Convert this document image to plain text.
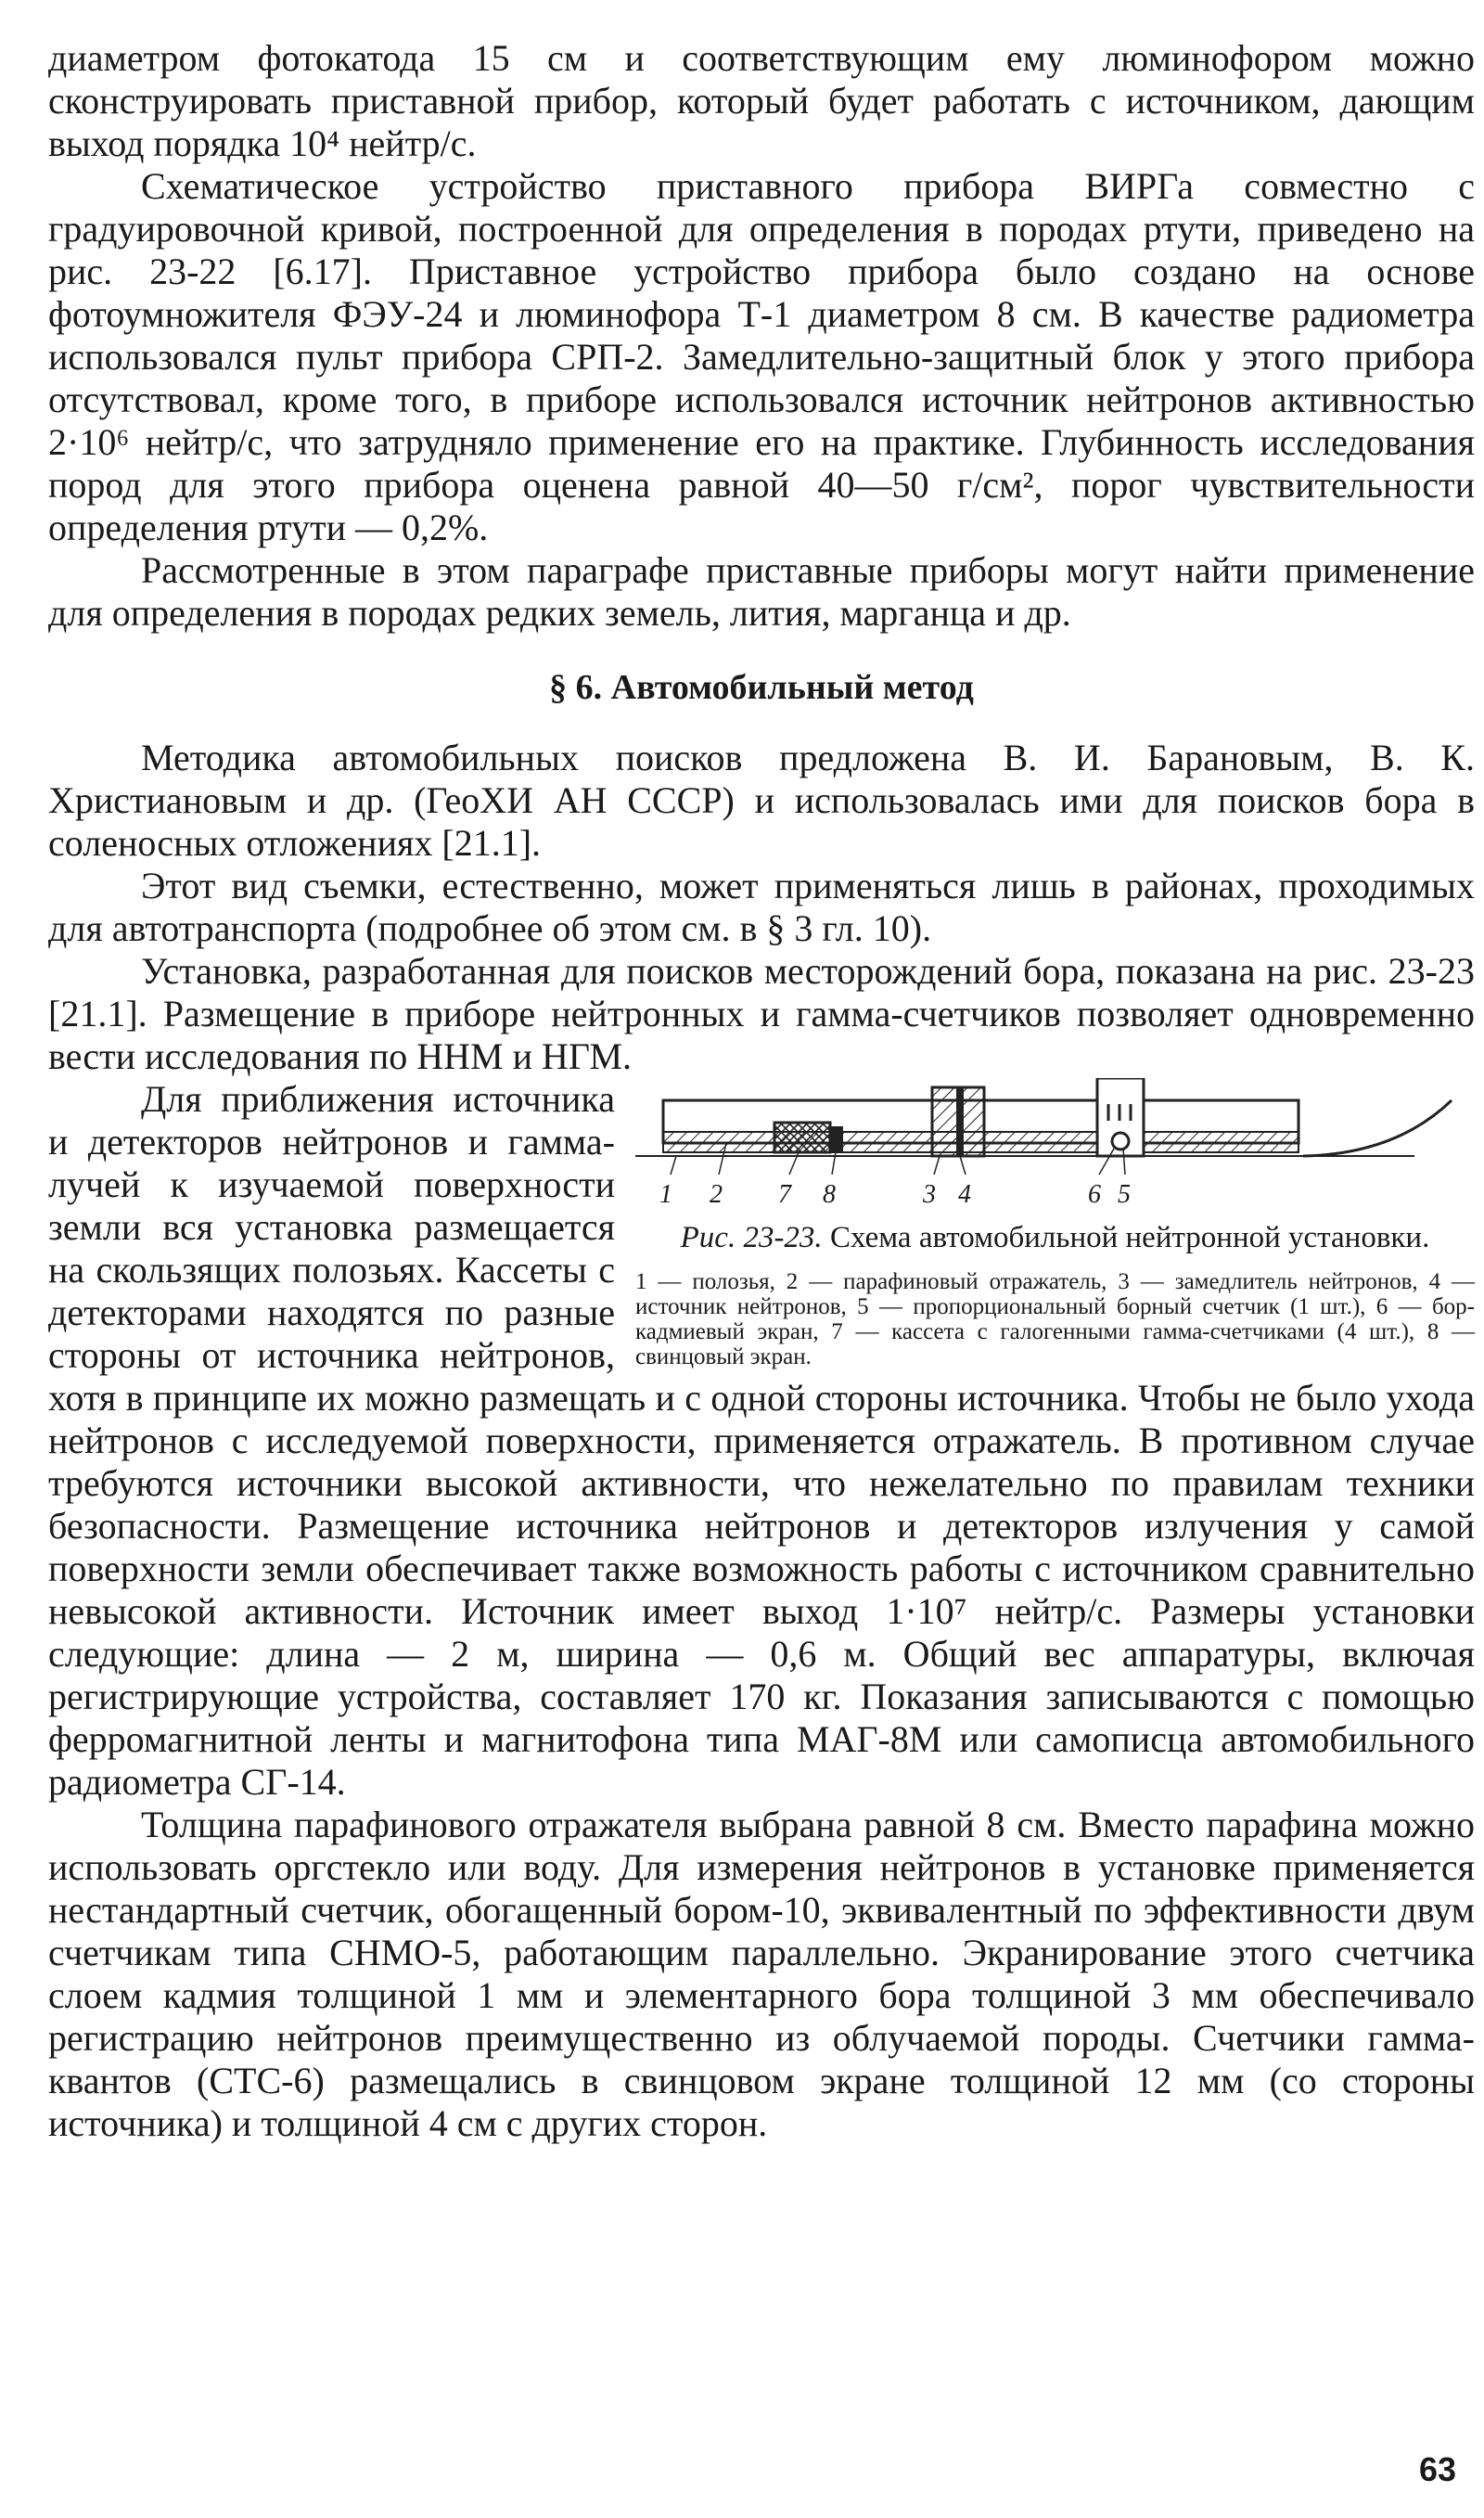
диаметром фотокатода 15 см и соответствующим ему люминофором можно сконструировать приставной прибор, который будет работать с источником, дающим выход порядка 10⁴ нейтр/с.

Схематическое устройство приставного прибора ВИРГа совместно с градуировочной кривой, построенной для определения в породах ртути, приведено на рис. 23-22 [6.17]. Приставное устройство прибора было создано на основе фотоумножителя ФЭУ-24 и люминофора Т-1 диаметром 8 см. В качестве радиометра использовался пульт прибора СРП-2. Замедлительно-защитный блок у этого прибора отсутствовал, кроме того, в приборе использовался источник нейтронов активностью 2·10⁶ нейтр/с, что затрудняло применение его на практике. Глубинность исследования пород для этого прибора оценена равной 40—50 г/см², порог чувствительности определения ртути — 0,2%.

Рассмотренные в этом параграфе приставные приборы могут найти применение для определения в породах редких земель, лития, марганца и др.

§ 6. Автомобильный метод

Методика автомобильных поисков предложена В. И. Барановым, В. К. Христиановым и др. (ГеоХИ АН СССР) и использовалась ими для поисков бора в соленосных отложениях [21.1].

Этот вид съемки, естественно, может применяться лишь в районах, проходимых для автотранспорта (подробнее об этом см. в § 3 гл. 10).

Установка, разработанная для поисков месторождений бора, показана на рис. 23-23 [21.1]. Размещение в приборе нейтронных и гамма-счетчиков позволяет одновременно вести исследования по ННМ и НГМ.

1 2 7 8	3 4	6 5
Рис. 23-23. Схема автомобильной нейтронной установки.
1 — полозья, 2 — парафиновый отражатель, 3 — замедлитель нейтронов, 4 — источник нейтронов, 5 — пропорциональный борный счетчик (1 шт.), 6 — бор-кадмиевый экран, 7 — кассета с галогенными гамма-счетчиками (4 шт.), 8 — свинцовый экран.

Для приближения источника и детекторов нейтронов и гамма-лучей к изучаемой поверхности земли вся установка размещается на скользящих полозьях. Кассеты с детекторами находятся по разные стороны от источника нейтронов, хотя в принципе их можно размещать и с одной стороны источника. Чтобы не было ухода нейтронов с исследуемой поверхности, применяется отражатель. В противном случае требуются источники высокой активности, что нежелательно по правилам техники безопасности. Размещение источника нейтронов и детекторов излучения у самой поверхности земли обеспечивает также возможность работы с источником сравнительно невысокой активности. Источник имеет выход 1·10⁷ нейтр/с. Размеры установки следующие: длина — 2 м, ширина — 0,6 м. Общий вес аппаратуры, включая регистрирующие устройства, составляет 170 кг. Показания записываются с помощью ферромагнитной ленты и магнитофона типа МАГ-8М или самописца автомобильного радиометра СГ-14.

Толщина парафинового отражателя выбрана равной 8 см. Вместо парафина можно использовать оргстекло или воду. Для измерения нейтронов в установке применяется нестандартный счетчик, обогащенный бором-10, эквивалентный по эффективности двум счетчикам типа СНМО-5, работающим параллельно. Экранирование этого счетчика слоем кадмия толщиной 1 мм и элементарного бора толщиной 3 мм обеспечивало регистрацию нейтронов преимущественно из облучаемой породы. Счетчики гамма-квантов (СТС-6) размещались в свинцовом экране толщиной 12 мм (со стороны источника) и толщиной 4 см с других сторон.

63
